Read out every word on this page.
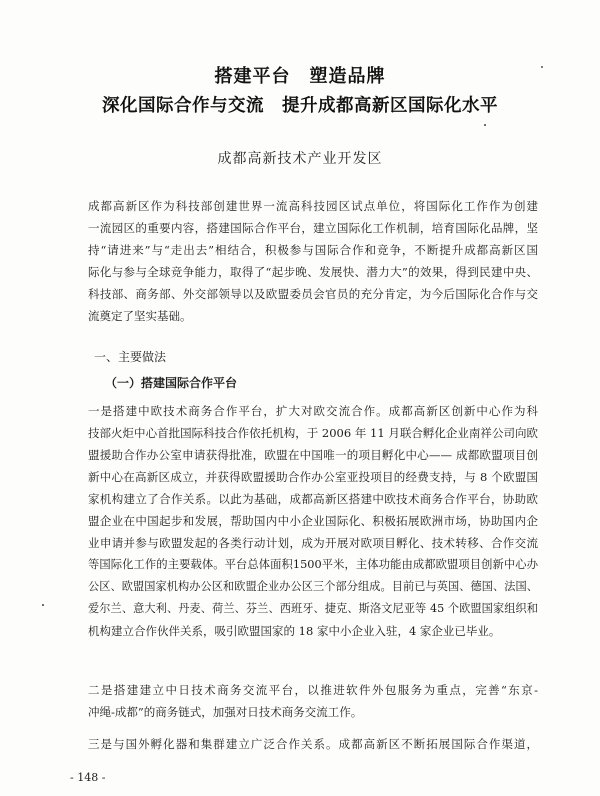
搭建平台　塑造品牌
深化国际合作与交流　提升成都高新区国际化水平
成都高新技术产业开发区
成都高新区作为科技部创建世界一流高科技园区试点单位，将国际化工作作为创建
一流园区的重要内容，搭建国际合作平台，建立国际化工作机制，培育国际化品牌，坚
持“请进来”与“走出去”相结合，积极参与国际合作和竞争，不断提升成都高新区国
际化与参与全球竞争能力，取得了“起步晚、发展快、潜力大”的效果，得到民建中央、
科技部、商务部、外交部领导以及欧盟委员会官员的充分肯定，为今后国际化合作与交
流奠定了坚实基础。
一、主要做法
（一）搭建国际合作平台
一是搭建中欧技术商务合作平台，扩大对欧交流合作。成都高新区创新中心作为科
技部火炬中心首批国际科技合作依托机构，于 2006 年 11 月联合孵化企业南祥公司向欧
盟援助合作办公室申请获得批准，欧盟在中国唯一的项目孵化中心—— 成都欧盟项目创
新中心在高新区成立，并获得欧盟援助合作办公室亚投项目的经费支持，与 8 个欧盟国
家机构建立了合作关系。以此为基础，成都高新区搭建中欧技术商务合作平台，协助欧
盟企业在中国起步和发展，帮助国内中小企业国际化、积极拓展欧洲市场，协助国内企
业申请并参与欧盟发起的各类行动计划，成为开展对欧项目孵化、技术转移、合作交流
等国际化工作的主要载体。平台总体面积1500平米，主体功能由成都欧盟项目创新中心办
公区、欧盟国家机构办公区和欧盟企业办公区三个部分组成。目前已与英国、德国、法国、
爱尔兰、意大利、丹麦、荷兰、芬兰、西班牙、捷克、斯洛文尼亚等 45 个欧盟国家组织和
机构建立合作伙伴关系，吸引欧盟国家的 18 家中小企业入驻，4 家企业已毕业。
二是搭建建立中日技术商务交流平台，以推进软件外包服务为重点，完善“东京-
冲绳-成都”的商务链式，加强对日技术商务交流工作。
三是与国外孵化器和集群建立广泛合作关系。成都高新区不断拓展国际合作渠道，
- 148 -
